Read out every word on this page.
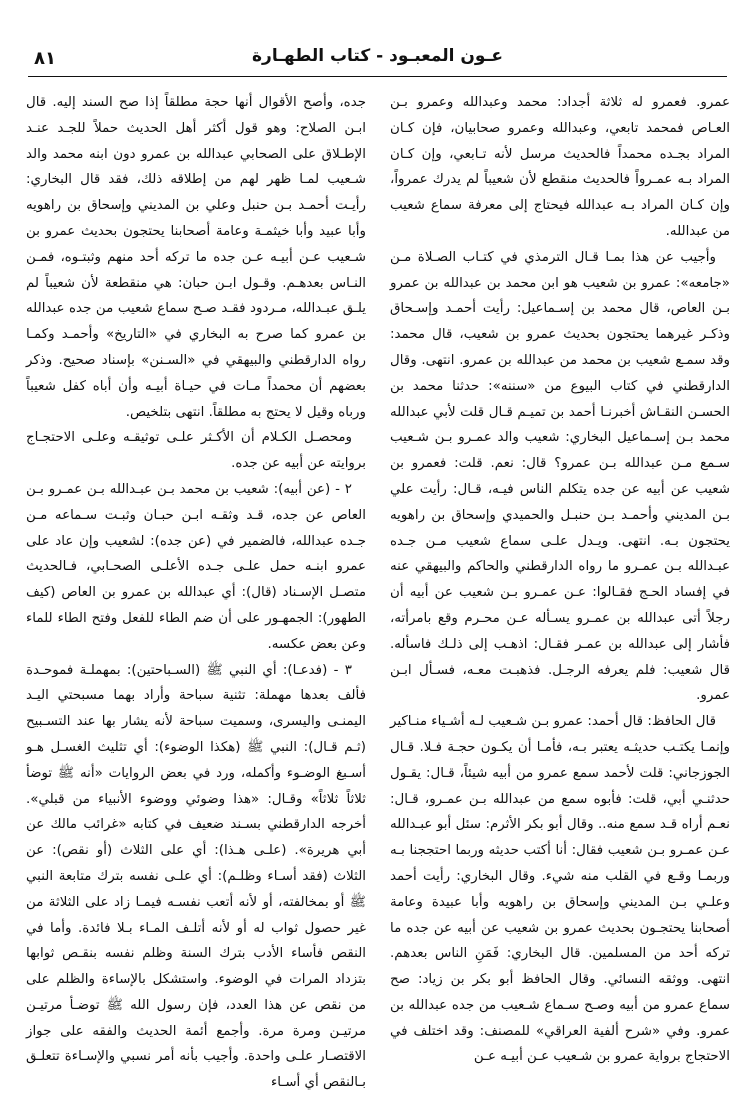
٨١	عـون المعبـود - كتاب الطهـارة

عمرو. فعمرو له ثلاثة أجداد: محمد وعبدالله وعمرو بـن العـاص فمحمد تابعي، وعبدالله وعمرو صحابيان، فإن كـان المراد بجـده محمداً فالحديث مرسل لأنه تـابعي، وإن كـان المراد بـه عمـرواً فالحديث منقطع لأن شعيباً لم يدرك عمرواً، وإن كـان المراد بـه عبدالله فيحتاج إلى معرفة سماع شعيب من عبدالله.

وأجيب عن هذا بمـا قـال الترمذي في كتـاب الصـلاة مـن «جامعه»: عمرو بن شعيب هو ابن محمد بن عبدالله بن عمرو بـن العاص، قال محمد بن إسـماعيل: رأيت أحمـد وإسـحاق وذكـر غيرهما يحتجون بحديث عمرو بن شعيب، قال محمد: وقد سمـع شعيب بن محمد من عبدالله بن عمرو. انتهى. وقال الدارقطني في كتاب البيوع من «سننه»: حدثنا محمد بن الحسـن النقـاش أخبرنـا أحمد بن تميـم قـال قلت لأبي عبدالله محمد بـن إسـماعيل البخاري: شعيب والد عمـرو بـن شـعيب سـمع مـن عبدالله بـن عمرو؟ قال: نعم. قلت: فعمرو بن شعيب عن أبيه عن جده يتكلم الناس فيـه، قـال: رأيت علي بـن المديني وأحمـد بـن حنبـل والحميدي وإسحاق بن راهويه يحتجون بـه. انتهى. ويـدل علـى سماع شعيب مـن جـده عبـدالله بـن عمـرو ما رواه الدارقطني والحاكم والبيهقي عنه في إفساد الحـج فقـالوا: عـن عمـرو بـن شعيب عن أبيه أن رجلاً أتى عبدالله بن عمـرو يسـأله عـن محـرم وقع بامرأته، فأشار إلى عبدالله بن عمـر فقـال: اذهـب إلى ذلـك فاسأله. قال شعيب: فلم يعرفه الرجـل. فذهبـت معـه، فسـأل ابـن عمرو.

قال الحافظ: قال أحمد: عمرو بـن شـعيب لـه أشـياء منـاكير وإنمـا يكتـب حديثـه يعتبر بـه، فأمـا أن يكـون حجـة فـلا. قـال الجوزجاني: قلت لأحمد سمع عمرو من أبيه شيئاً، قـال: يقـول حدثنـي أبي، قلت: فأبوه سمع من عبدالله بـن عمـرو، قـال: نعـم أراه قـد سمع منه.. وقال أبو بكر الأثرم: سئل أبو عبـدالله عـن عمـرو بـن شعيب فقال: أنا أكتب حديثه وربما احتججنا بـه وربمـا وقـع في القلب منه شيء. وقال البخاري: رأيت أحمد وعلـي بـن المديني وإسحاق بن راهويه وأبا عبيدة وعامة أصحابنا يحتجـون بحديث عمرو بن شعيب عن أبيه عن جده ما تركه أحد من المسلمين. قال البخاري: فَمَنِ الناس بعدهم. انتهى. ووثقه النسائي. وقال الحافظ أبو بكر بن زياد: صح سماع عمرو من أبيه وصـح سـماع شـعيب من جده عبدالله بن عمرو. وفي «شرح ألفية العراقي» للمصنف: وقد اختلف في الاحتجاج برواية عمرو بن شـعيب عـن أبيـه عـن

جده، وأصح الأقوال أنها حجة مطلقاً إذا صح السند إليه. قال ابـن الصلاح: وهو قول أكثر أهل الحديث حملاً للجـد عنـد الإطـلاق على الصحابي عبدالله بن عمرو دون ابنه محمد والد شـعيب لمـا ظهر لهم من إطلاقه ذلك، فقد قال البخاري: رأيـت أحمـد بـن حنبل وعلي بن المديني وإسحاق بن راهويه وأبا عبيد وأبا خيثمـة وعامة أصحابنا يحتجون بحديث عمرو بن شـعيب عـن أبيـه عـن جده ما تركه أحد منهم وثبتـوه، فمـن النـاس بعدهـم. وقـول ابـن حبان: هي منقطعة لأن شعيباً لم يلـق عبـدالله، مـردود فقـد صـح سماع شعيب من جده عبدالله بن عمرو كما صرح به البخاري في «التاريخ» وأحمـد وكمـا رواه الدارقطني والبيهقي في «السـنن» بإسناد صحيح. وذكر بعضهم أن محمداً مـات في حيـاة أبيـه وأن أباه كفل شعيباً ورباه وقيل لا يحتج به مطلقاً. انتهى بتلخيص.

ومحصـل الكـلام أن الأكـثر علـى توثيقـه وعلـى الاحتجـاج بروايته عن أبيه عن جده.

٢ - (عن أبيه): شعيب بن محمد بـن عبـدالله بـن عمـرو بـن العاص عن جده، قـد وثقـه ابـن حبـان وثبـت سـماعه مـن جـده عبدالله، فالضمير في (عن جده): لشعيب وإن عاد على عمرو ابنـه حمل علـى جـده الأعلـى الصحـابي، فـالحديث متصـل الإسـناد (قال): أي عبدالله بن عمرو بن العاص (كيف الطهور): الجمهـور على أن ضم الطاء للفعل وفتح الطاء للماء وعن بعض عكسه.

٣ - (فدعـا): أي النبي ﷺ (السـباحتين): بمهملـة فموحـدة فألف بعدها مهملة: تثنية سباحة وأراد بهما مسبحتي اليـد اليمنـى واليسرى، وسميت سباحة لأنه يشار بها عند التسـبيح (ثـم قـال): النبي ﷺ (هكذا الوضوء): أي تثليث الغسـل هـو أسـبغ الوضـوء وأكمله، ورد في بعض الروايات «أنه ﷺ توضأ ثلاثاً ثلاثاً» وقـال: «هذا وضوئي ووضوء الأنبياء من قبلي». أخرجه الدارقطني بسـند ضعيف في كتابه «غرائب مالك عن أبي هريرة». (علـى هـذا): أي على الثلاث (أو نقص): عن الثلاث (فقد أسـاء وظلـم): أي علـى نفسه بترك متابعة النبي ﷺ أو بمخالفته، أو لأنه أتعب نفسـه فيمـا زاد على الثلاثة من غير حصول ثواب له أو لأنه أتلـف المـاء بـلا فائدة. وأما في النقص فأساء الأدب بترك السنة وظلم نفسه بنقـص ثوابها بتزداد المرات في الوضوء. واستشكل بالإساءة والظلم على من نقص عن هذا العدد، فإن رسول الله ﷺ توضـأ مرتيـن مرتيـن ومرة مرة. وأجمع أئمة الحديث والفقه على جواز الاقتصـار علـى واحدة. وأجيب بأنه أمر نسبي والإسـاءة تتعلـق بـالنقص أي أسـاء
